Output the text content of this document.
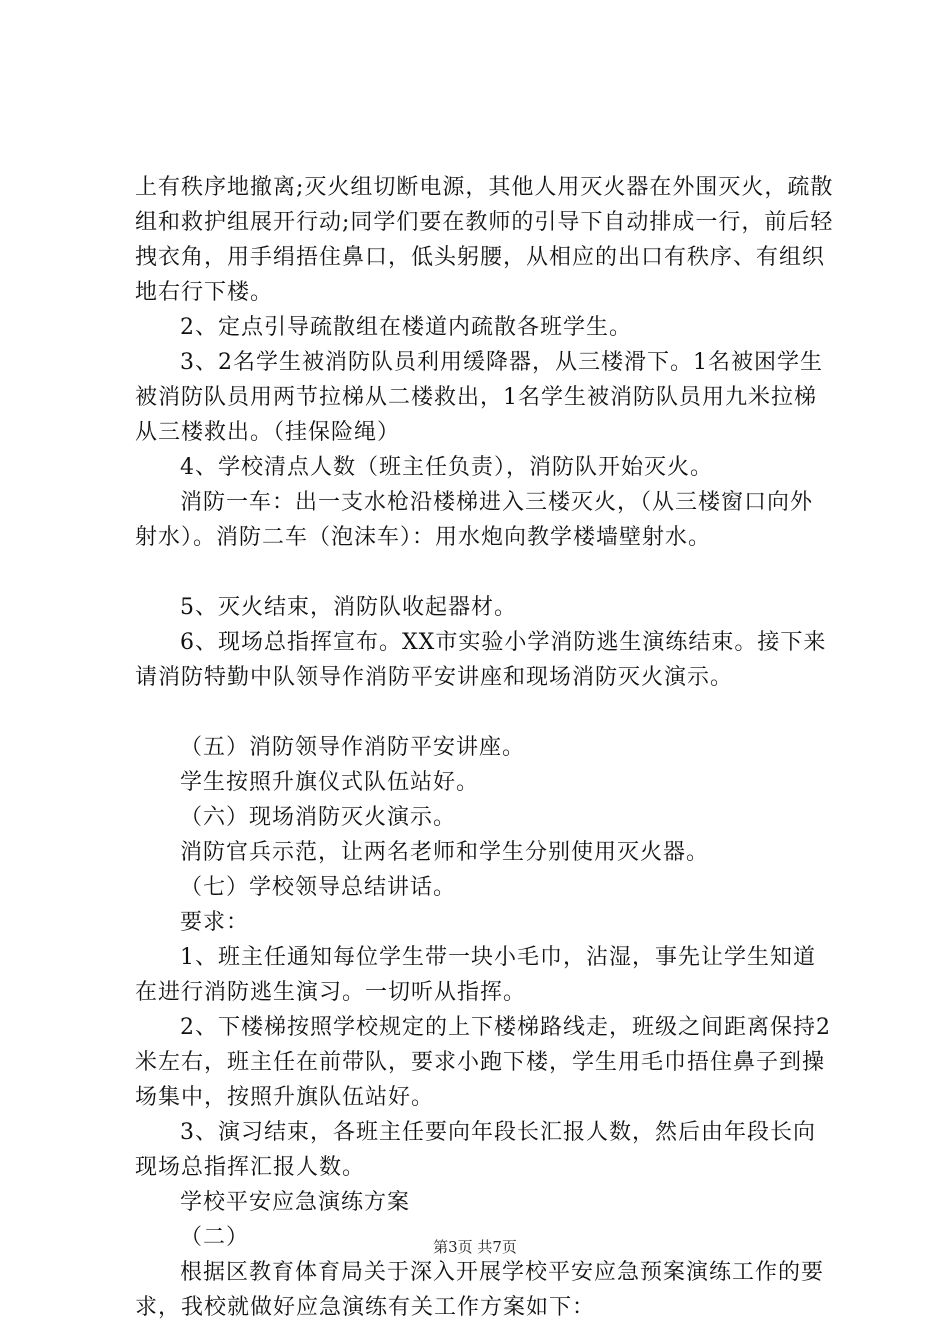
上有秩序地撤离;灭火组切断电源，其他人用灭火器在外围灭火，疏散组和救护组展开行动;同学们要在教师的引导下自动排成一行，前后轻拽衣角，用手绢捂住鼻口，低头躬腰，从相应的出口有秩序、有组织地右行下楼。

2、定点引导疏散组在楼道内疏散各班学生。

3、2名学生被消防队员利用缓降器，从三楼滑下。1名被困学生被消防队员用两节拉梯从二楼救出，1名学生被消防队员用九米拉梯从三楼救出。（挂保险绳）

4、学校清点人数（班主任负责），消防队开始灭火。

消防一车：出一支水枪沿楼梯进入三楼灭火，（从三楼窗口向外射水）。消防二车（泡沫车）：用水炮向教学楼墙壁射水。

5、灭火结束，消防队收起器材。

6、现场总指挥宣布。XX市实验小学消防逃生演练结束。接下来请消防特勤中队领导作消防平安讲座和现场消防灭火演示。

（五）消防领导作消防平安讲座。

学生按照升旗仪式队伍站好。

（六）现场消防灭火演示。

消防官兵示范，让两名老师和学生分别使用灭火器。

（七）学校领导总结讲话。

要求：

1、班主任通知每位学生带一块小毛巾，沾湿，事先让学生知道在进行消防逃生演习。一切听从指挥。

2、下楼梯按照学校规定的上下楼梯路线走，班级之间距离保持2米左右，班主任在前带队，要求小跑下楼，学生用毛巾捂住鼻子到操场集中，按照升旗队伍站好。

3、演习结束，各班主任要向年段长汇报人数，然后由年段长向现场总指挥汇报人数。

学校平安应急演练方案

（二）

根据区教育体育局关于深入开展学校平安应急预案演练工作的要求，我校就做好应急演练有关工作方案如下：

第3页 共7页
